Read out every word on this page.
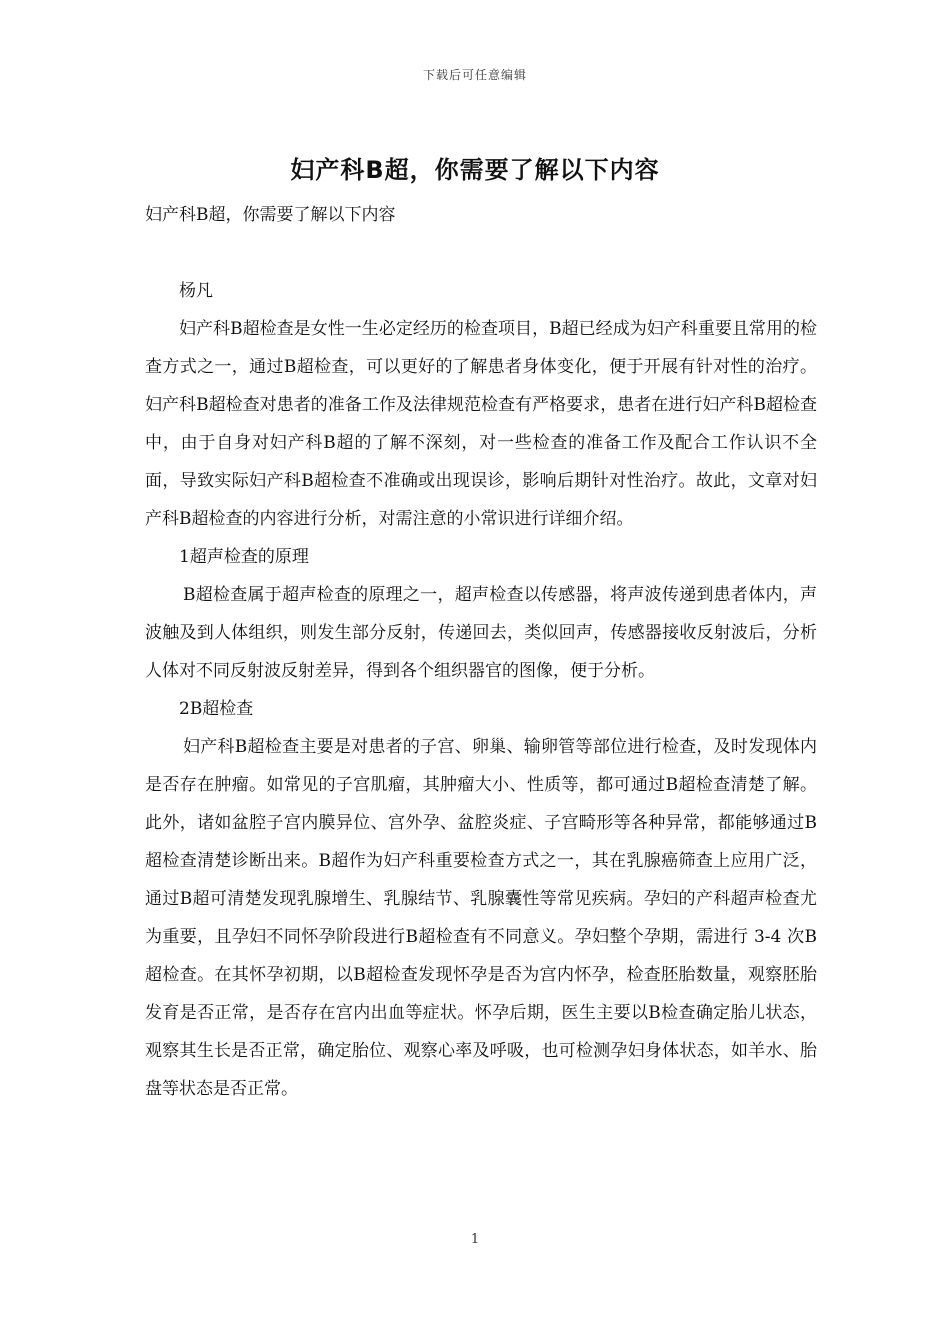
下载后可任意编辑
妇产科B超，你需要了解以下内容

妇产科B超，你需要了解以下内容

杨凡

妇产科B超检查是女性一生必定经历的检查项目，B超已经成为妇产科重要且常用的检查方式之一，通过B超检查，可以更好的了解患者身体变化，便于开展有针对性的治疗。妇产科B超检查对患者的准备工作及法律规范检查有严格要求，患者在进行妇产科B超检查中，由于自身对妇产科B超的了解不深刻，对一些检查的准备工作及配合工作认识不全面，导致实际妇产科B超检查不准确或出现误诊，影响后期针对性治疗。故此，文章对妇产科B超检查的内容进行分析，对需注意的小常识进行详细介绍。

1超声检查的原理

B超检查属于超声检查的原理之一，超声检查以传感器，将声波传递到患者体内，声波触及到人体组织，则发生部分反射，传递回去，类似回声，传感器接收反射波后，分析人体对不同反射波反射差异，得到各个组织器官的图像，便于分析。

2B超检查

妇产科B超检查主要是对患者的子宫、卵巢、输卵管等部位进行检查，及时发现体内是否存在肿瘤。如常见的子宫肌瘤，其肿瘤大小、性质等，都可通过B超检查清楚了解。此外，诸如盆腔子宫内膜异位、宫外孕、盆腔炎症、子宫畸形等各种异常，都能够通过B超检查清楚诊断出来。B超作为妇产科重要检查方式之一，其在乳腺癌筛查上应用广泛，通过B超可清楚发现乳腺增生、乳腺结节、乳腺囊性等常见疾病。孕妇的产科超声检查尤为重要，且孕妇不同怀孕阶段进行B超检查有不同意义。孕妇整个孕期，需进行 3-4 次B超检查。在其怀孕初期，以B超检查发现怀孕是否为宫内怀孕，检查胚胎数量，观察胚胎发育是否正常，是否存在宫内出血等症状。怀孕后期，医生主要以B检查确定胎儿状态，观察其生长是否正常，确定胎位、观察心率及呼吸，也可检测孕妇身体状态，如羊水、胎盘等状态是否正常。

1
